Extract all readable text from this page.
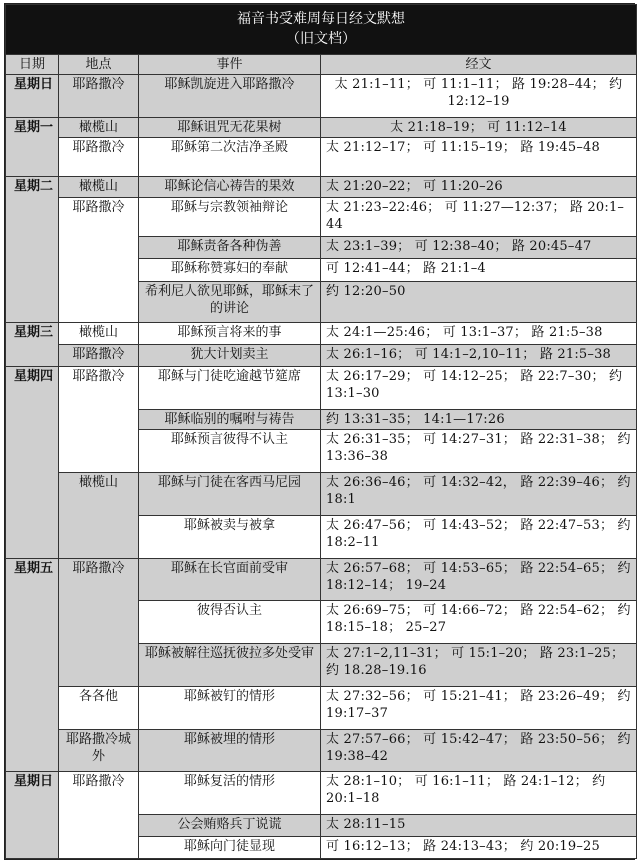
福音书受难周每日经文默想
（旧文档）			

日期	地点	事件	经文
星期日	耶路撒冷	耶稣凯旋进入耶路撒冷	太 21:1–11； 可 11:1–11； 路 19:28–44； 约 12:12–19
星期一	橄榄山	耶稣诅咒无花果树	太 21:18–19； 可 11:12–14
	耶路撒冷	耶稣第二次洁净圣殿	太 21:12–17； 可 11:15–19； 路 19:45–48
星期二	橄榄山	耶稣论信心祷告的果效	太 21:20–22； 可 11:20–26
	耶路撒冷	耶稣与宗教领袖辩论	太 21:23–22:46； 可 11:27—12:37； 路 20:1–44
		耶稣责备各种伪善	太 23:1–39； 可 12:38–40； 路 20:45–47
		耶稣称赞寡妇的奉献	可 12:41–44； 路 21:1–4
		希利尼人欲见耶稣，耶稣末了的讲论	约 12:20–50
星期三	橄榄山	耶稣预言将来的事	太 24:1—25:46； 可 13:1–37； 路 21:5–38
	耶路撒冷	犹大计划卖主	太 26:1–16； 可 14:1–2,10–11； 路 21:5–38
星期四	耶路撒冷	耶稣与门徒吃逾越节筵席	太 26:17–29； 可 14:12–25； 路 22:7–30； 约 13:1–30
		耶稣临别的嘱咐与祷告	约 13:31–35； 14:1—17:26
		耶稣预言彼得不认主	太 26:31–35； 可 14:27–31； 路 22:31–38； 约 13:36–38
	橄榄山	耶稣与门徒在客西马尼园	太 26:36–46； 可 14:32–42， 路 22:39–46； 约 18:1
		耶稣被卖与被拿	太 26:47–56； 可 14:43–52； 路 22:47–53； 约 18:2–11
星期五	耶路撒冷	耶稣在长官面前受审	太 26:57–68； 可 14:53–65； 路 22:54–65； 约 18:12–14； 19–24
		彼得否认主	太 26:69–75； 可 14:66–72； 路 22:54–62； 约 18:15–18； 25–27
		耶稣被解往巡抚彼拉多处受审	太 27:1–2,11–31； 可 15:1–20； 路 23:1–25； 约 18.28–19.16
	各各他	耶稣被钉的情形	太 27:32–56； 可 15:21–41； 路 23:26–49； 约 19:17–37
	耶路撒冷城外	耶稣被埋的情形	太 27:57–66； 可 15:42–47； 路 23:50–56； 约 19:38–42
星期日	耶路撒冷	耶稣复活的情形	太 28:1–10； 可 16:1–11； 路 24:1–12； 约 20:1–18
		公会贿赂兵丁说谎	太 28:11–15
		耶稣向门徒显现	可 16:12–13； 路 24:13–43； 约 20:19–25
